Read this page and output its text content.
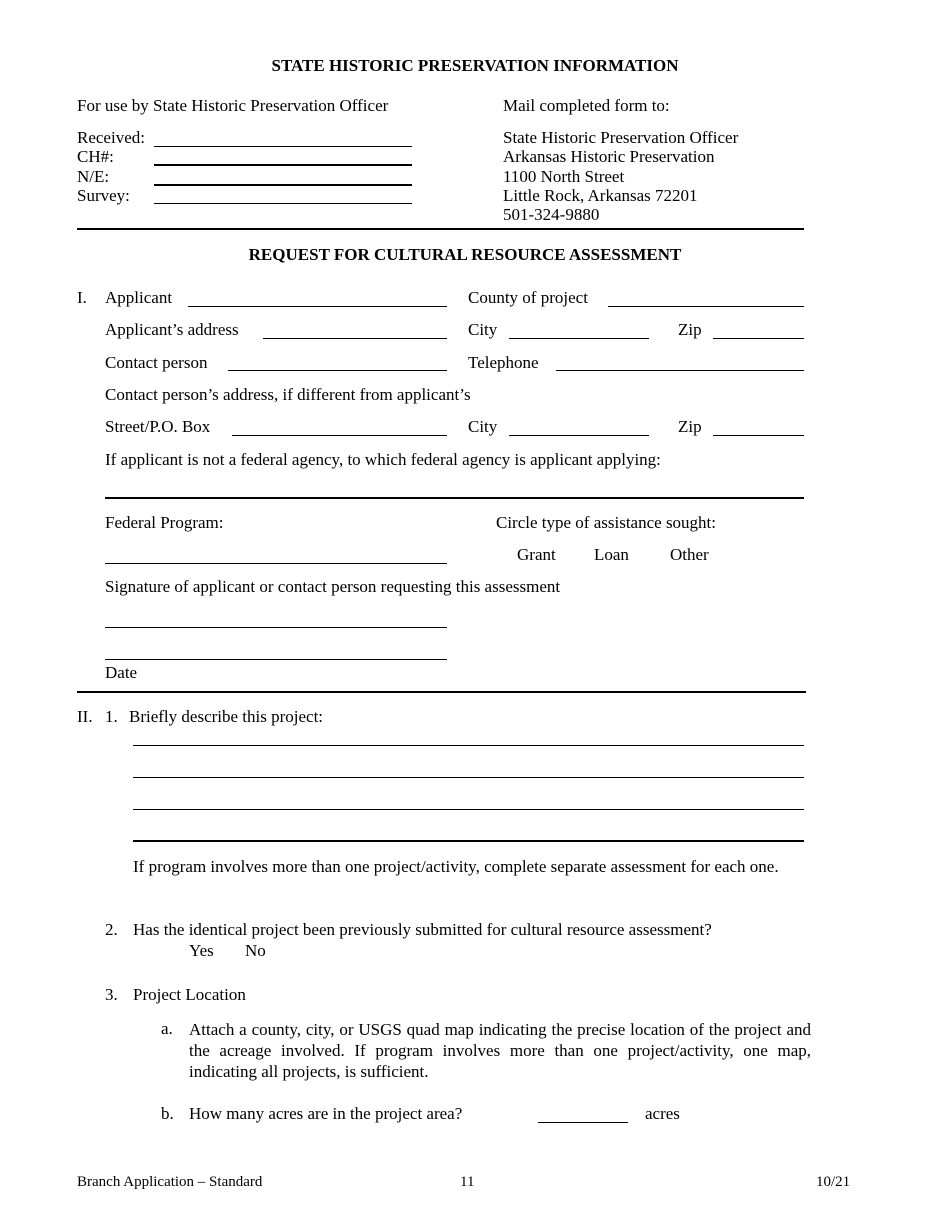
STATE HISTORIC PRESERVATION INFORMATION
For use by State Historic Preservation Officer
Received:
CH#:
N/E:
Survey:
Mail completed form to:
State Historic Preservation Officer
Arkansas Historic Preservation
1100 North Street
Little Rock, Arkansas 72201
501-324-9880
REQUEST FOR CULTURAL RESOURCE ASSESSMENT
I. Applicant	County of project
Applicant’s address	City	Zip
Contact person	Telephone
Contact person’s address, if different from applicant’s
Street/P.O. Box	City	Zip
If applicant is not a federal agency, to which federal agency is applicant applying:
Federal Program:	Circle type of assistance sought:
Grant Loan Other
Signature of applicant or contact person requesting this assessment
Date
II. 1. Briefly describe this project:
If program involves more than one project/activity, complete separate assessment for each one.
2. Has the identical project been previously submitted for cultural resource assessment?
Yes No
3. Project Location
a. Attach a county, city, or USGS quad map indicating the precise location of the project and the acreage involved. If program involves more than one project/activity, one map, indicating all projects, is sufficient.
b. How many acres are in the project area?	acres
Branch Application – Standard	11	10/21
